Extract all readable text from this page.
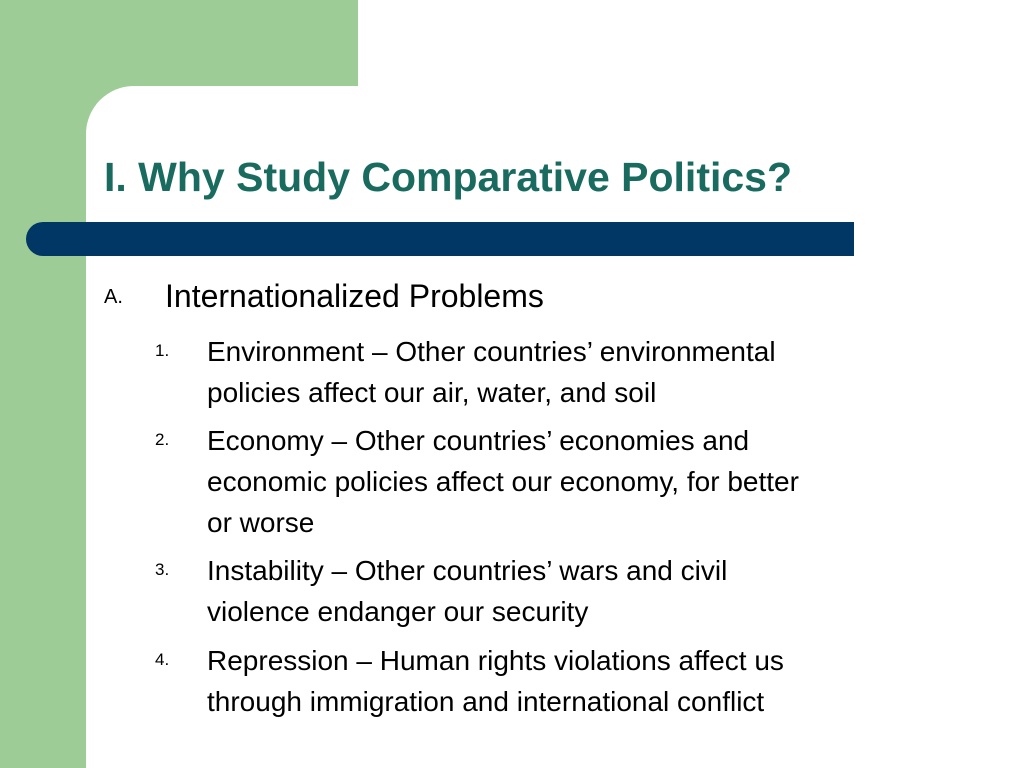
I. Why Study Comparative Politics?
A. Internationalized Problems
1. Environment – Other countries’ environmental
policies affect our air, water, and soil
2. Economy – Other countries’ economies and
economic policies affect our economy, for better
or worse
3. Instability – Other countries’ wars and civil
violence endanger our security
4. Repression – Human rights violations affect us
through immigration and international conflict
